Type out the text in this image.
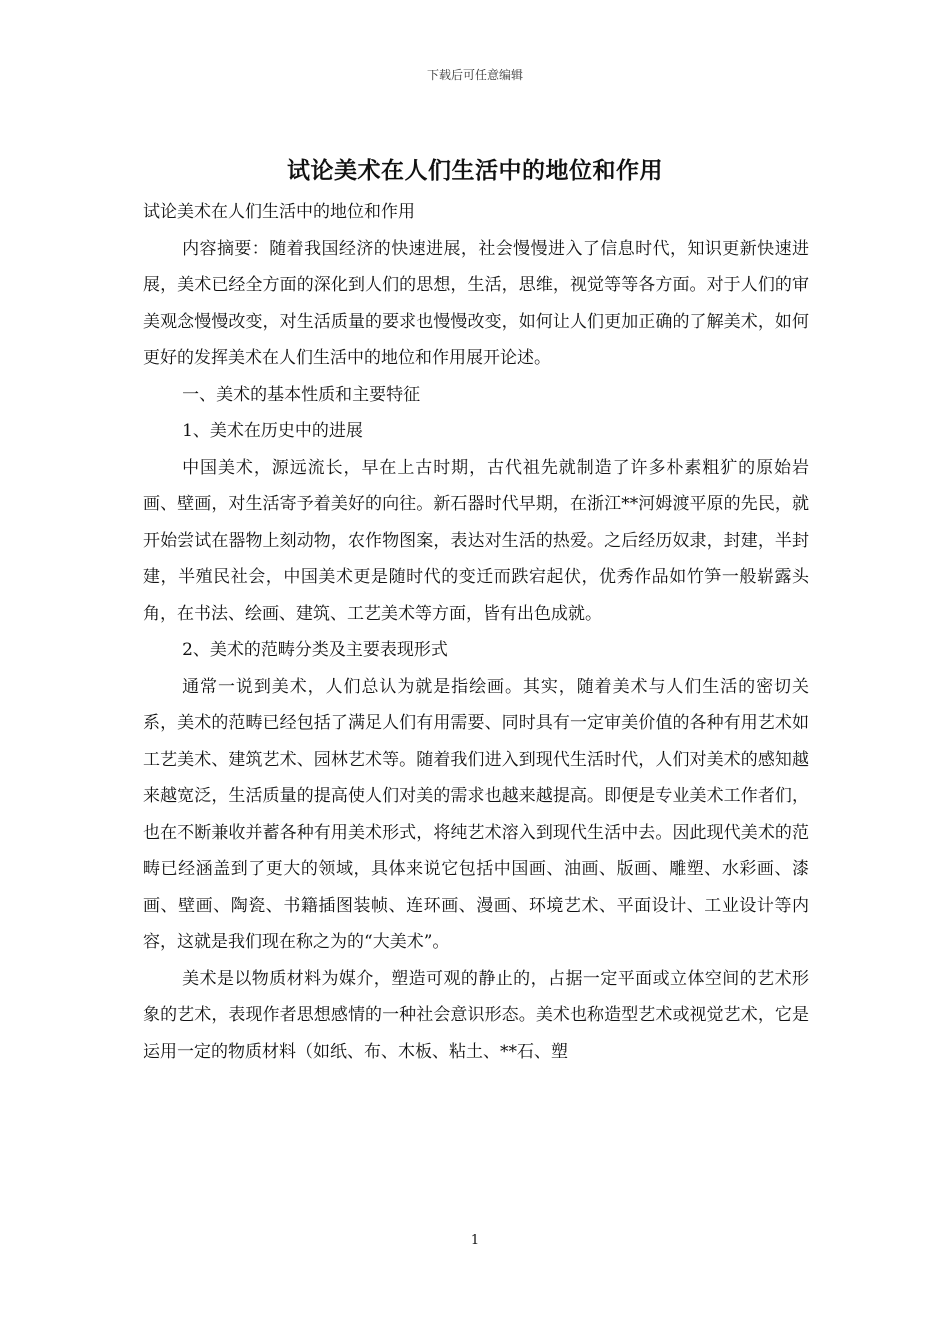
下载后可任意编辑
试论美术在人们生活中的地位和作用

试论美术在人们生活中的地位和作用

内容摘要：随着我国经济的快速进展，社会慢慢进入了信息时代，知识更新快速进展，美术已经全方面的深化到人们的思想，生活，思维，视觉等等各方面。对于人们的审美观念慢慢改变，对生活质量的要求也慢慢改变，如何让人们更加正确的了解美术，如何更好的发挥美术在人们生活中的地位和作用展开论述。

一、美术的基本性质和主要特征

1、美术在历史中的进展

中国美术，源远流长，早在上古时期，古代祖先就制造了许多朴素粗犷的原始岩画、壁画，对生活寄予着美好的向往。新石器时代早期，在浙江**河姆渡平原的先民，就开始尝试在器物上刻动物，农作物图案，表达对生活的热爱。之后经历奴隶，封建，半封建，半殖民社会，中国美术更是随时代的变迁而跌宕起伏，优秀作品如竹笋一般崭露头角，在书法、绘画、建筑、工艺美术等方面，皆有出色成就。

2、美术的范畴分类及主要表现形式

通常一说到美术，人们总认为就是指绘画。其实，随着美术与人们生活的密切关系，美术的范畴已经包括了满足人们有用需要、同时具有一定审美价值的各种有用艺术如工艺美术、建筑艺术、园林艺术等。随着我们进入到现代生活时代，人们对美术的感知越来越宽泛，生活质量的提高使人们对美的需求也越来越提高。即便是专业美术工作者们，也在不断兼收并蓄各种有用美术形式，将纯艺术溶入到现代生活中去。因此现代美术的范畴已经涵盖到了更大的领域，具体来说它包括中国画、油画、版画、雕塑、水彩画、漆画、壁画、陶瓷、书籍插图装帧、连环画、漫画、环境艺术、平面设计、工业设计等内容，这就是我们现在称之为的“大美术”。

美术是以物质材料为媒介，塑造可观的静止的，占据一定平面或立体空间的艺术形象的艺术，表现作者思想感情的一种社会意识形态。美术也称造型艺术或视觉艺术，它是运用一定的物质材料（如纸、布、木板、粘土、**石、塑

1
